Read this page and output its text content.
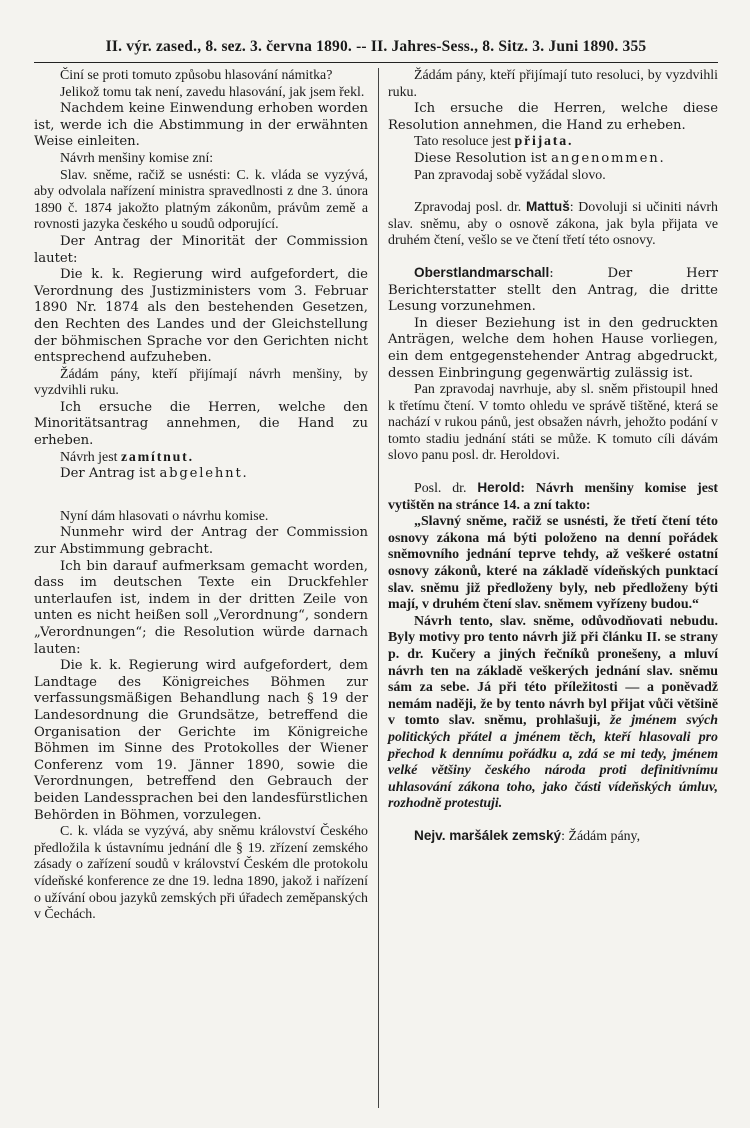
II. výr. zased., 8. sez. 3. června 1890. -- II. Jahres-Sess., 8. Sitz. 3. Juni 1890. 355

Činí se proti tomuto způsobu hlasování námitka?

Jelikož tomu tak není, zavedu hlasování, jak jsem řekl.

Nachdem keine Einwendung erhoben worden ist, werde ich die Abstimmung in der erwähnten Weise einleiten.

Návrh menšiny komise zní:

Slav. sněme, račiž se usnésti: C. k. vláda se vyzývá, aby odvolala nařízení ministra spravedlnosti z dne 3. února 1890 č. 1874 jakožto platným zákonům, právům země a rovnosti jazyka českého u soudů odporující.

Der Antrag der Minorität der Commission lautet:

Die k. k. Regierung wird aufgefordert, die Verordnung des Justizministers vom 3. Februar 1890 Nr. 1874 als den bestehenden Gesetzen, den Rechten des Landes und der Gleichstellung der böhmischen Sprache vor den Gerichten nicht entsprechend aufzuheben.

Žádám pány, kteří přijímají návrh menšiny, by vyzdvihli ruku.

Ich ersuche die Herren, welche den Minoritätsantrag annehmen, die Hand zu erheben.

Návrh jest zamítnut.

Der Antrag ist abgelehnt.

Nyní dám hlasovati o návrhu komise.

Nunmehr wird der Antrag der Commission zur Abstimmung gebracht.

Ich bin darauf aufmerksam gemacht worden, dass im deutschen Texte ein Druckfehler unterlaufen ist, indem in der dritten Zeile von unten es nicht heißen soll „Verordnung“, sondern „Verordnungen“; die Resolution würde darnach lauten:

Die k. k. Regierung wird aufgefordert, dem Landtage des Königreiches Böhmen zur verfassungsmäßigen Behandlung nach § 19 der Landesordnung die Grundsätze, betreffend die Organisation der Gerichte im Königreiche Böhmen im Sinne des Protokolles der Wiener Conferenz vom 19. Jänner 1890, sowie die Verordnungen, betreffend den Gebrauch der beiden Landessprachen bei den landesfürstlichen Behörden in Böhmen, vorzulegen.

C. k. vláda se vyzývá, aby sněmu království Českého předložila k ústavnímu jednání dle § 19. zřízení zemského zásady o zařízení soudů v království Českém dle protokolu vídeňské konference ze dne 19. ledna 1890, jakož i nařízení o užívání obou jazyků zemských při úřadech zeměpanských v Čechách.

Žádám pány, kteří přijímají tuto resoluci, by vyzdvihli ruku.

Ich ersuche die Herren, welche diese Resolution annehmen, die Hand zu erheben.

Tato resoluce jest přijata.

Diese Resolution ist angenommen.

Pan zpravodaj sobě vyžádal slovo.

Zpravodaj posl. dr. Mattuš: Dovoluji si učiniti návrh slav. sněmu, aby o osnově zákona, jak byla přijata ve druhém čtení, vešlo se ve čtení třetí této osnovy.

Oberstlandmarschall: Der Herr Berichterstatter stellt den Antrag, die dritte Lesung vorzunehmen.

In dieser Beziehung ist in den gedruckten Anträgen, welche dem hohen Hause vorliegen, ein dem entgegenstehender Antrag abgedruckt, dessen Einbringung gegenwärtig zulässig ist.

Pan zpravodaj navrhuje, aby sl. sněm přistoupil hned k třetímu čtení. V tomto ohledu ve správě tištěné, která se nachází v rukou pánů, jest obsažen návrh, jehožto podání v tomto stadiu jednání státi se může. K tomuto cíli dávám slovo panu posl. dr. Heroldovi.

Posl. dr. Herold: Návrh menšiny komise jest vytištěn na stránce 14. a zní takto:

„Slavný sněme, račiž se usnésti, že třetí čtení této osnovy zákona má býti položeno na denní pořádek sněmovního jednání teprve tehdy, až veškeré ostatní osnovy zákonů, které na základě vídeňských punktací slav. sněmu již předloženy byly, neb předloženy býti mají, v druhém čtení slav. sněmem vyřízeny budou.“

Návrh tento, slav. sněme, odůvodňovati nebudu. Byly motivy pro tento návrh již při článku II. se strany p. dr. Kučery a jiných řečníků pronešeny, a mluví návrh ten na základě veškerých jednání slav. sněmu sám za sebe. Já při této příležitosti — a poněvadž nemám naději, že by tento návrh byl přijat vůči většině v tomto slav. sněmu, prohlašuji, že jménem svých politických přátel a jménem těch, kteří hlasovali pro přechod k dennímu pořádku a, zdá se mi tedy, jménem velké většiny českého národa proti definitivnímu uhlasování zákona toho, jako části vídeňských úmluv, rozhodně protestuji.

Nejv. maršálek zemský: Žádám pány,
